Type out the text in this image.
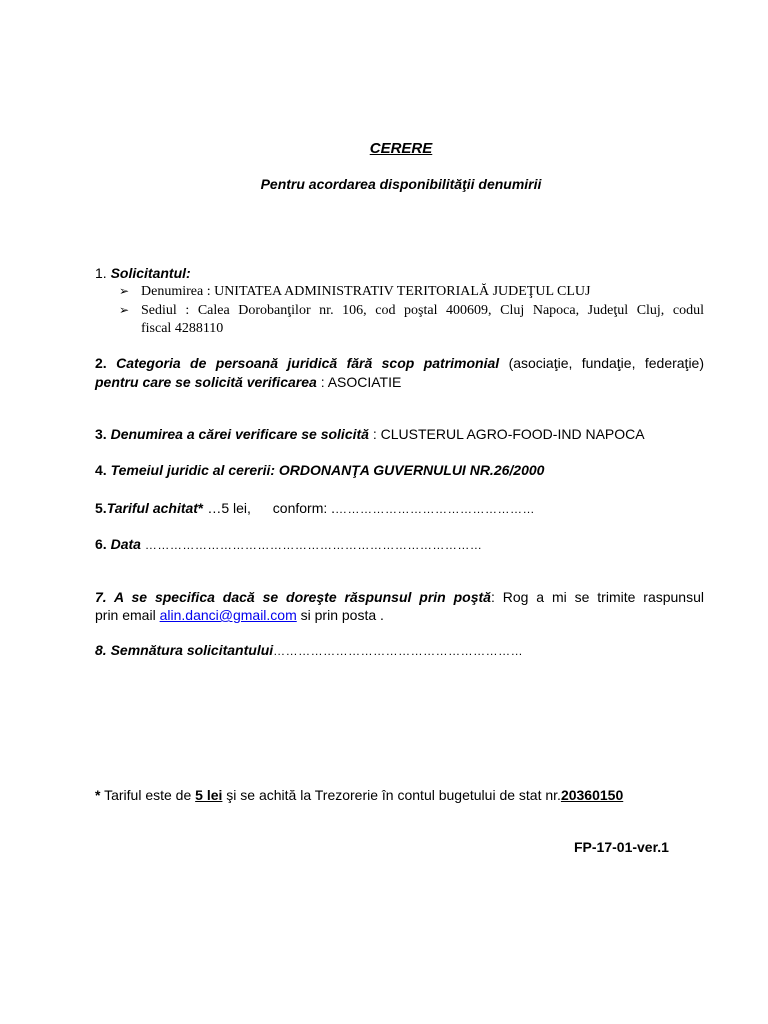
CERERE
Pentru acordarea disponibilităţii denumirii
1. Solicitantul:
➢ Denumirea : UNITATEA ADMINISTRATIV TERITORIALĂ JUDEŢUL CLUJ
➢ Sediul : Calea Dorobanţilor nr. 106, cod poştal 400609, Cluj Napoca, Judeţul Cluj, codul
fiscal 4288110
2. Categoria de persoană juridică fără scop patrimonial (asociaţie, fundaţie, federaţie)
pentru care se solicită verificarea : ASOCIATIE
3. Denumirea a cărei verificare se solicită : CLUSTERUL AGRO-FOOD-IND NAPOCA
4. Temeiul juridic al cererii: ORDONANŢA GUVERNULUI NR.26/2000
5.Tariful achitat* …5 lei, conform: .…………………………………………
6. Data ………………………………………………………………………
7. A se specifica dacă se doreşte răspunsul prin poştă: Rog a mi se trimite raspunsul
prin email alin.danci@gmail.com si prin posta .
8. Semnătura solicitantului……………………………………………………
* Tariful este de 5 lei şi se achită la Trezorerie în contul bugetului de stat nr.20360150
FP-17-01-ver.1
